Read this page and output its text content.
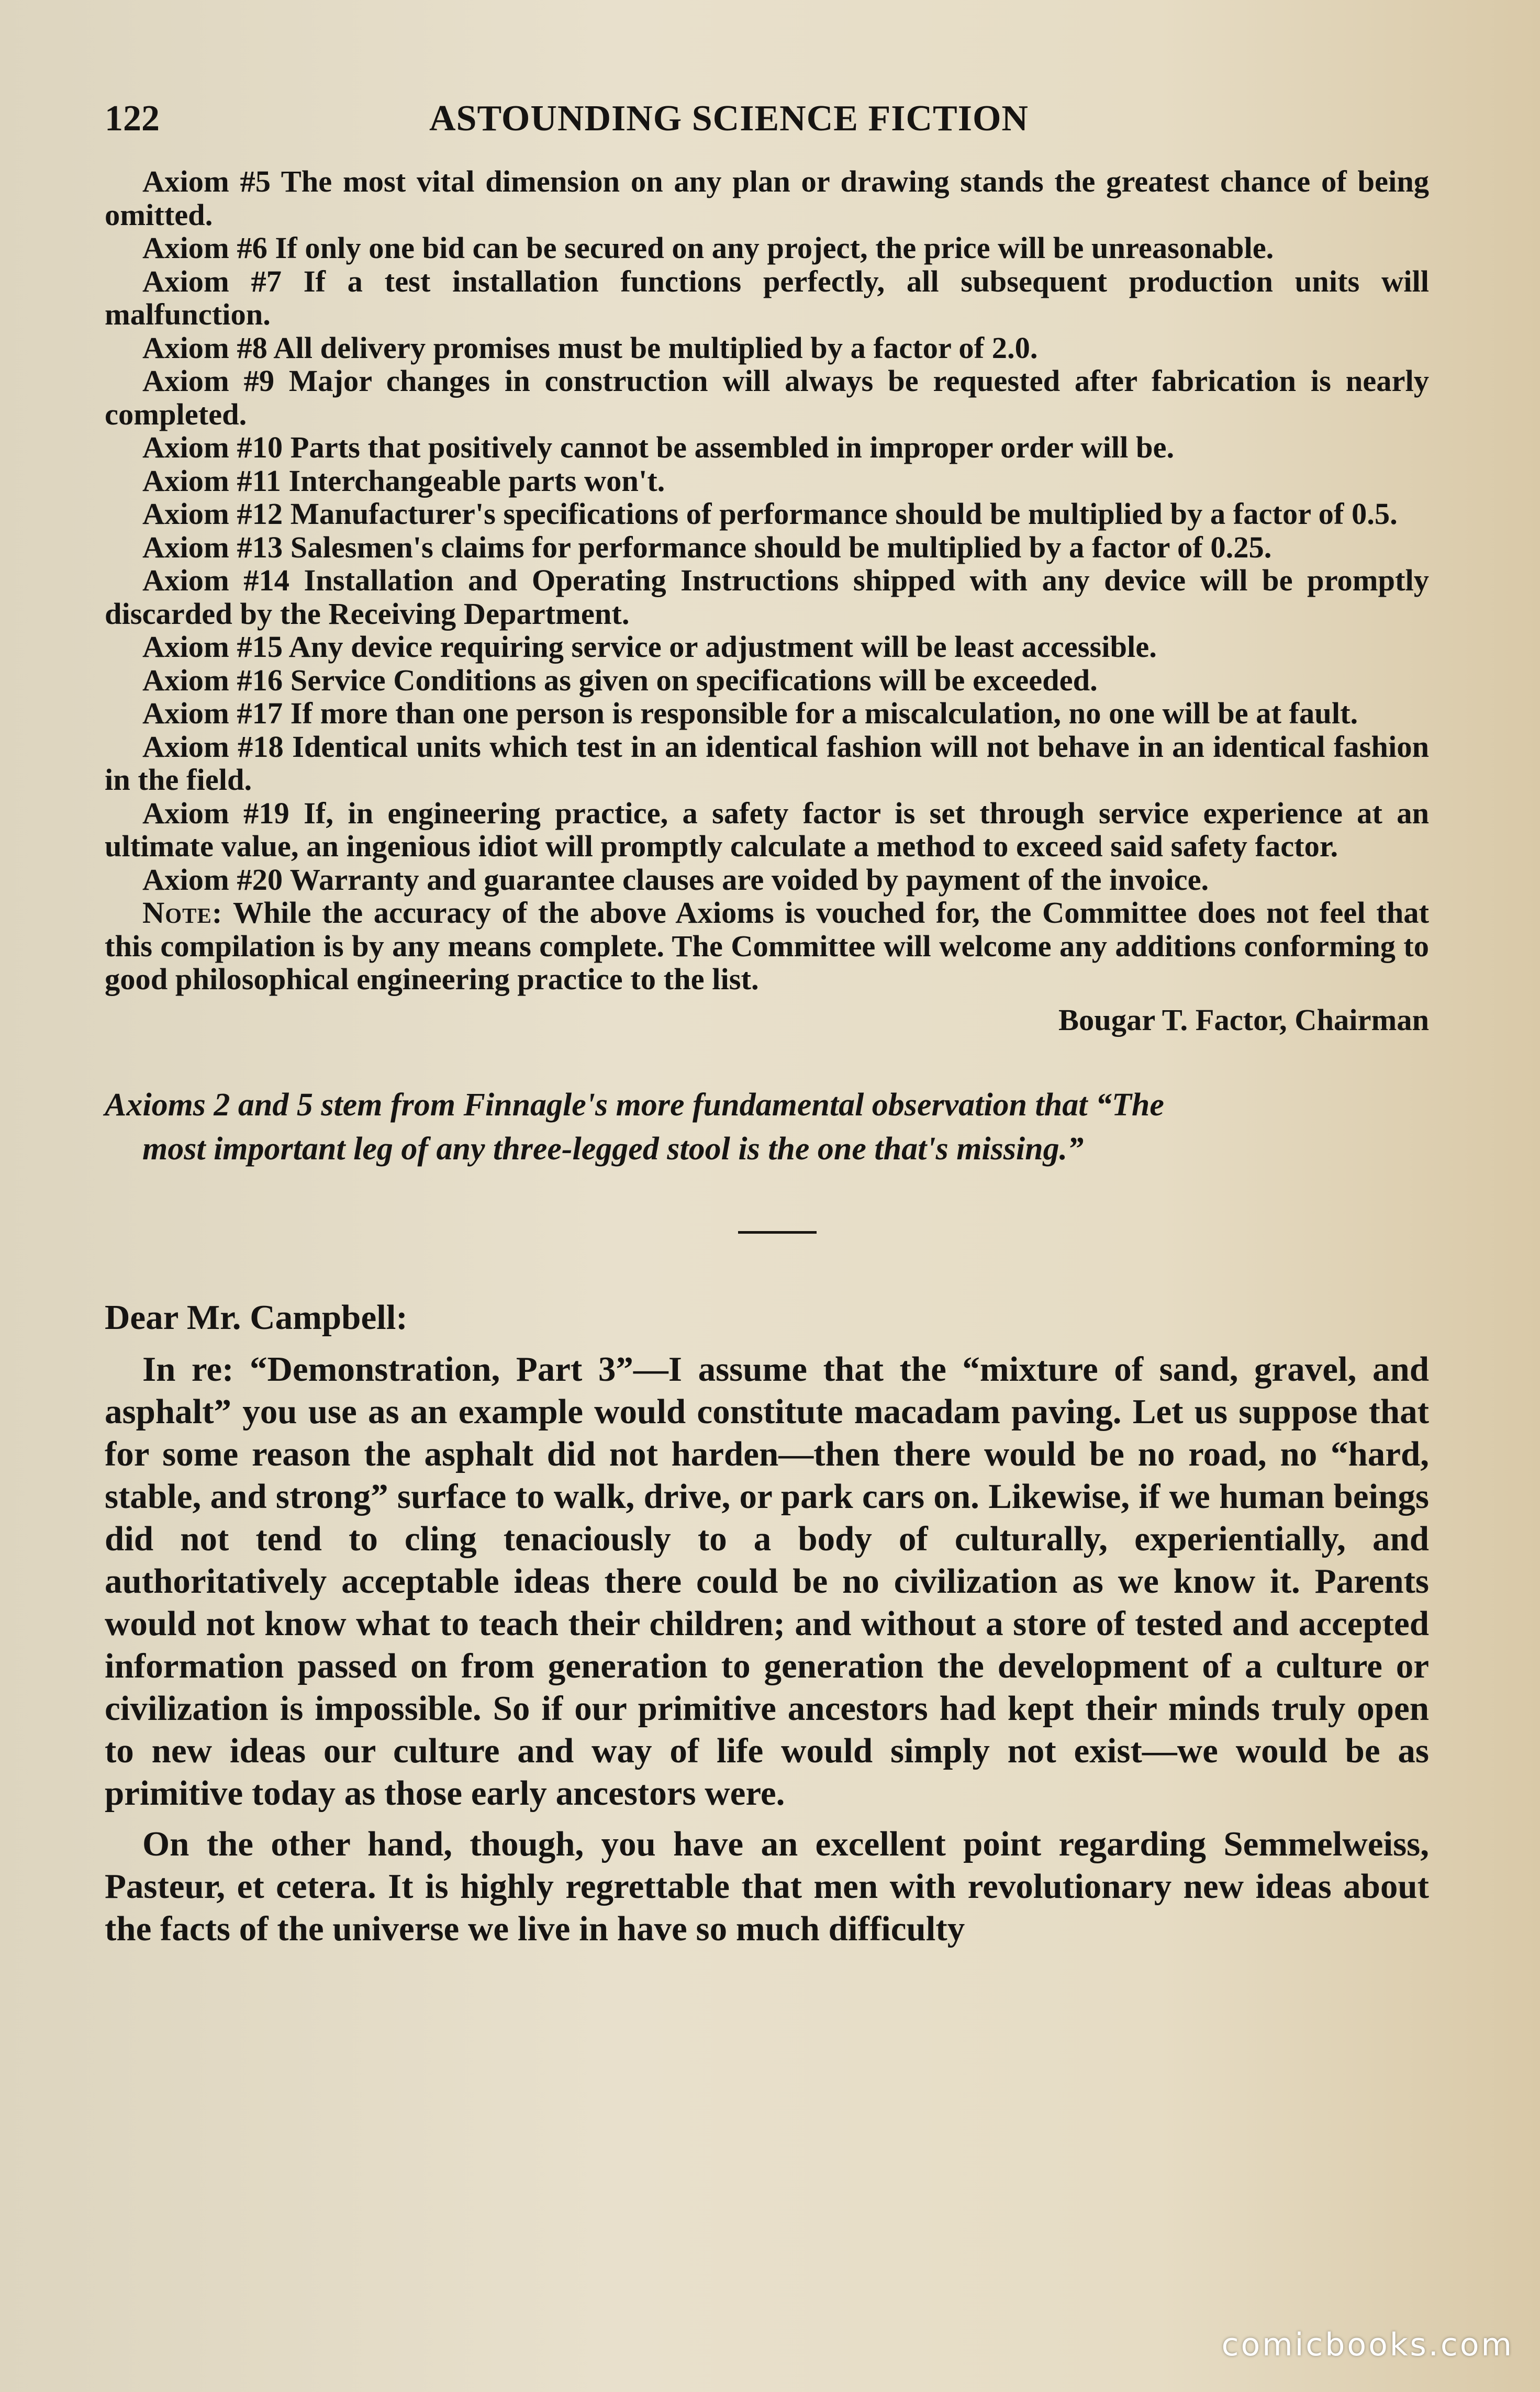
122	ASTOUNDING SCIENCE FICTION

Axiom #5 The most vital dimension on any plan or drawing stands the greatest chance of being omitted.

Axiom #6 If only one bid can be secured on any project, the price will be unreasonable.

Axiom #7 If a test installation functions perfectly, all subsequent production units will malfunction.

Axiom #8 All delivery promises must be multiplied by a factor of 2.0.

Axiom #9 Major changes in construction will always be requested after fabrication is nearly completed.

Axiom #10 Parts that positively cannot be assembled in improper order will be.

Axiom #11 Interchangeable parts won't.

Axiom #12 Manufacturer's specifications of performance should be multiplied by a factor of 0.5.

Axiom #13 Salesmen's claims for performance should be multiplied by a factor of 0.25.

Axiom #14 Installation and Operating Instructions shipped with any device will be promptly discarded by the Receiving Department.

Axiom #15 Any device requiring service or adjustment will be least accessible.

Axiom #16 Service Conditions as given on specifications will be exceeded.

Axiom #17 If more than one person is responsible for a miscalculation, no one will be at fault.

Axiom #18 Identical units which test in an identical fashion will not behave in an identical fashion in the field.

Axiom #19 If, in engineering practice, a safety factor is set through service experience at an ultimate value, an ingenious idiot will promptly calculate a method to exceed said safety factor.

Axiom #20 Warranty and guarantee clauses are voided by payment of the invoice.

Note: While the accuracy of the above Axioms is vouched for, the Committee does not feel that this compilation is by any means complete. The Committee will welcome any additions conforming to good philosophical engineering practice to the list.

Bougar T. Factor, Chairman

Axioms 2 and 5 stem from Finnagle's more fundamental observation that “The
most important leg of any three-legged stool is the one that's missing.”

Dear Mr. Campbell:

In re: “Demonstration, Part 3”—I assume that the “mixture of sand, gravel, and asphalt” you use as an example would constitute macadam paving. Let us suppose that for some reason the asphalt did not harden—then there would be no road, no “hard, stable, and strong” surface to walk, drive, or park cars on. Likewise, if we human beings did not tend to cling tenaciously to a body of culturally, experientially, and authoritatively acceptable ideas there could be no civilization as we know it. Parents would not know what to teach their children; and without a store of tested and accepted information passed on from generation to generation the development of a culture or civilization is impossible. So if our primitive ancestors had kept their minds truly open to new ideas our culture and way of life would simply not exist—we would be as primitive today as those early ancestors were.

On the other hand, though, you have an excellent point regarding Semmelweiss, Pasteur, et cetera. It is highly regrettable that men with revolutionary new ideas about the facts of the universe we live in have so much difficulty

comicbooks.com
